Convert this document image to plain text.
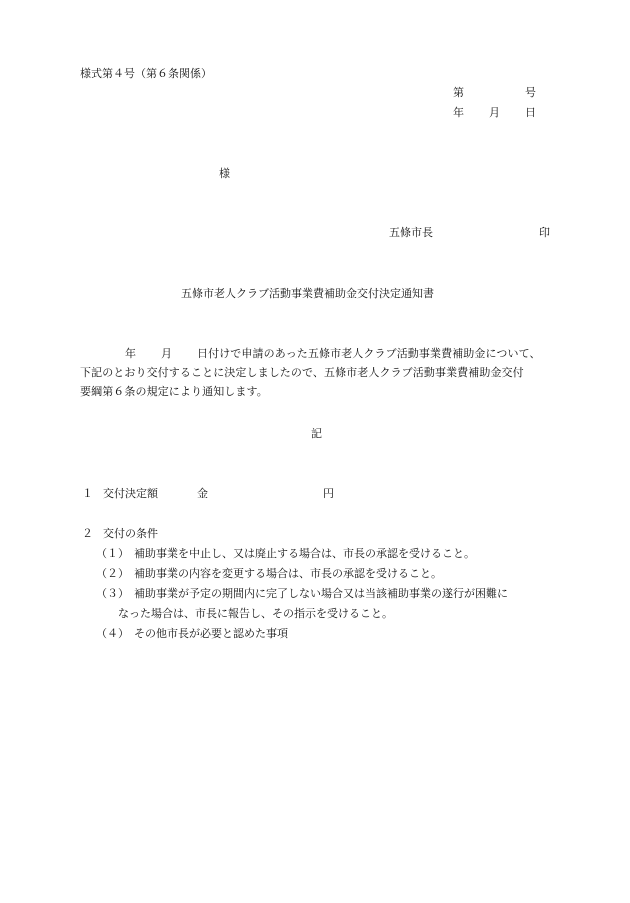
様式第４号（第６条関係）
第	号
年 月 日
様
五條市長	印
五條市老人クラブ活動事業費補助金交付決定通知書
年 月 日付けで申請のあった五條市老人クラブ活動事業費補助金について、
下記のとおり交付することに決定しましたので、五條市老人クラブ活動事業費補助金交付
要綱第６条の規定により通知します。
記
１ 交付決定額	金	円
２ 交付の条件
（１） 補助事業を中止し、又は廃止する場合は、市長の承認を受けること。
（２） 補助事業の内容を変更する場合は、市長の承認を受けること。
（３） 補助事業が予定の期間内に完了しない場合又は当該補助事業の遂行が困難に
なった場合は、市長に報告し、その指示を受けること。
（４） その他市長が必要と認めた事項
